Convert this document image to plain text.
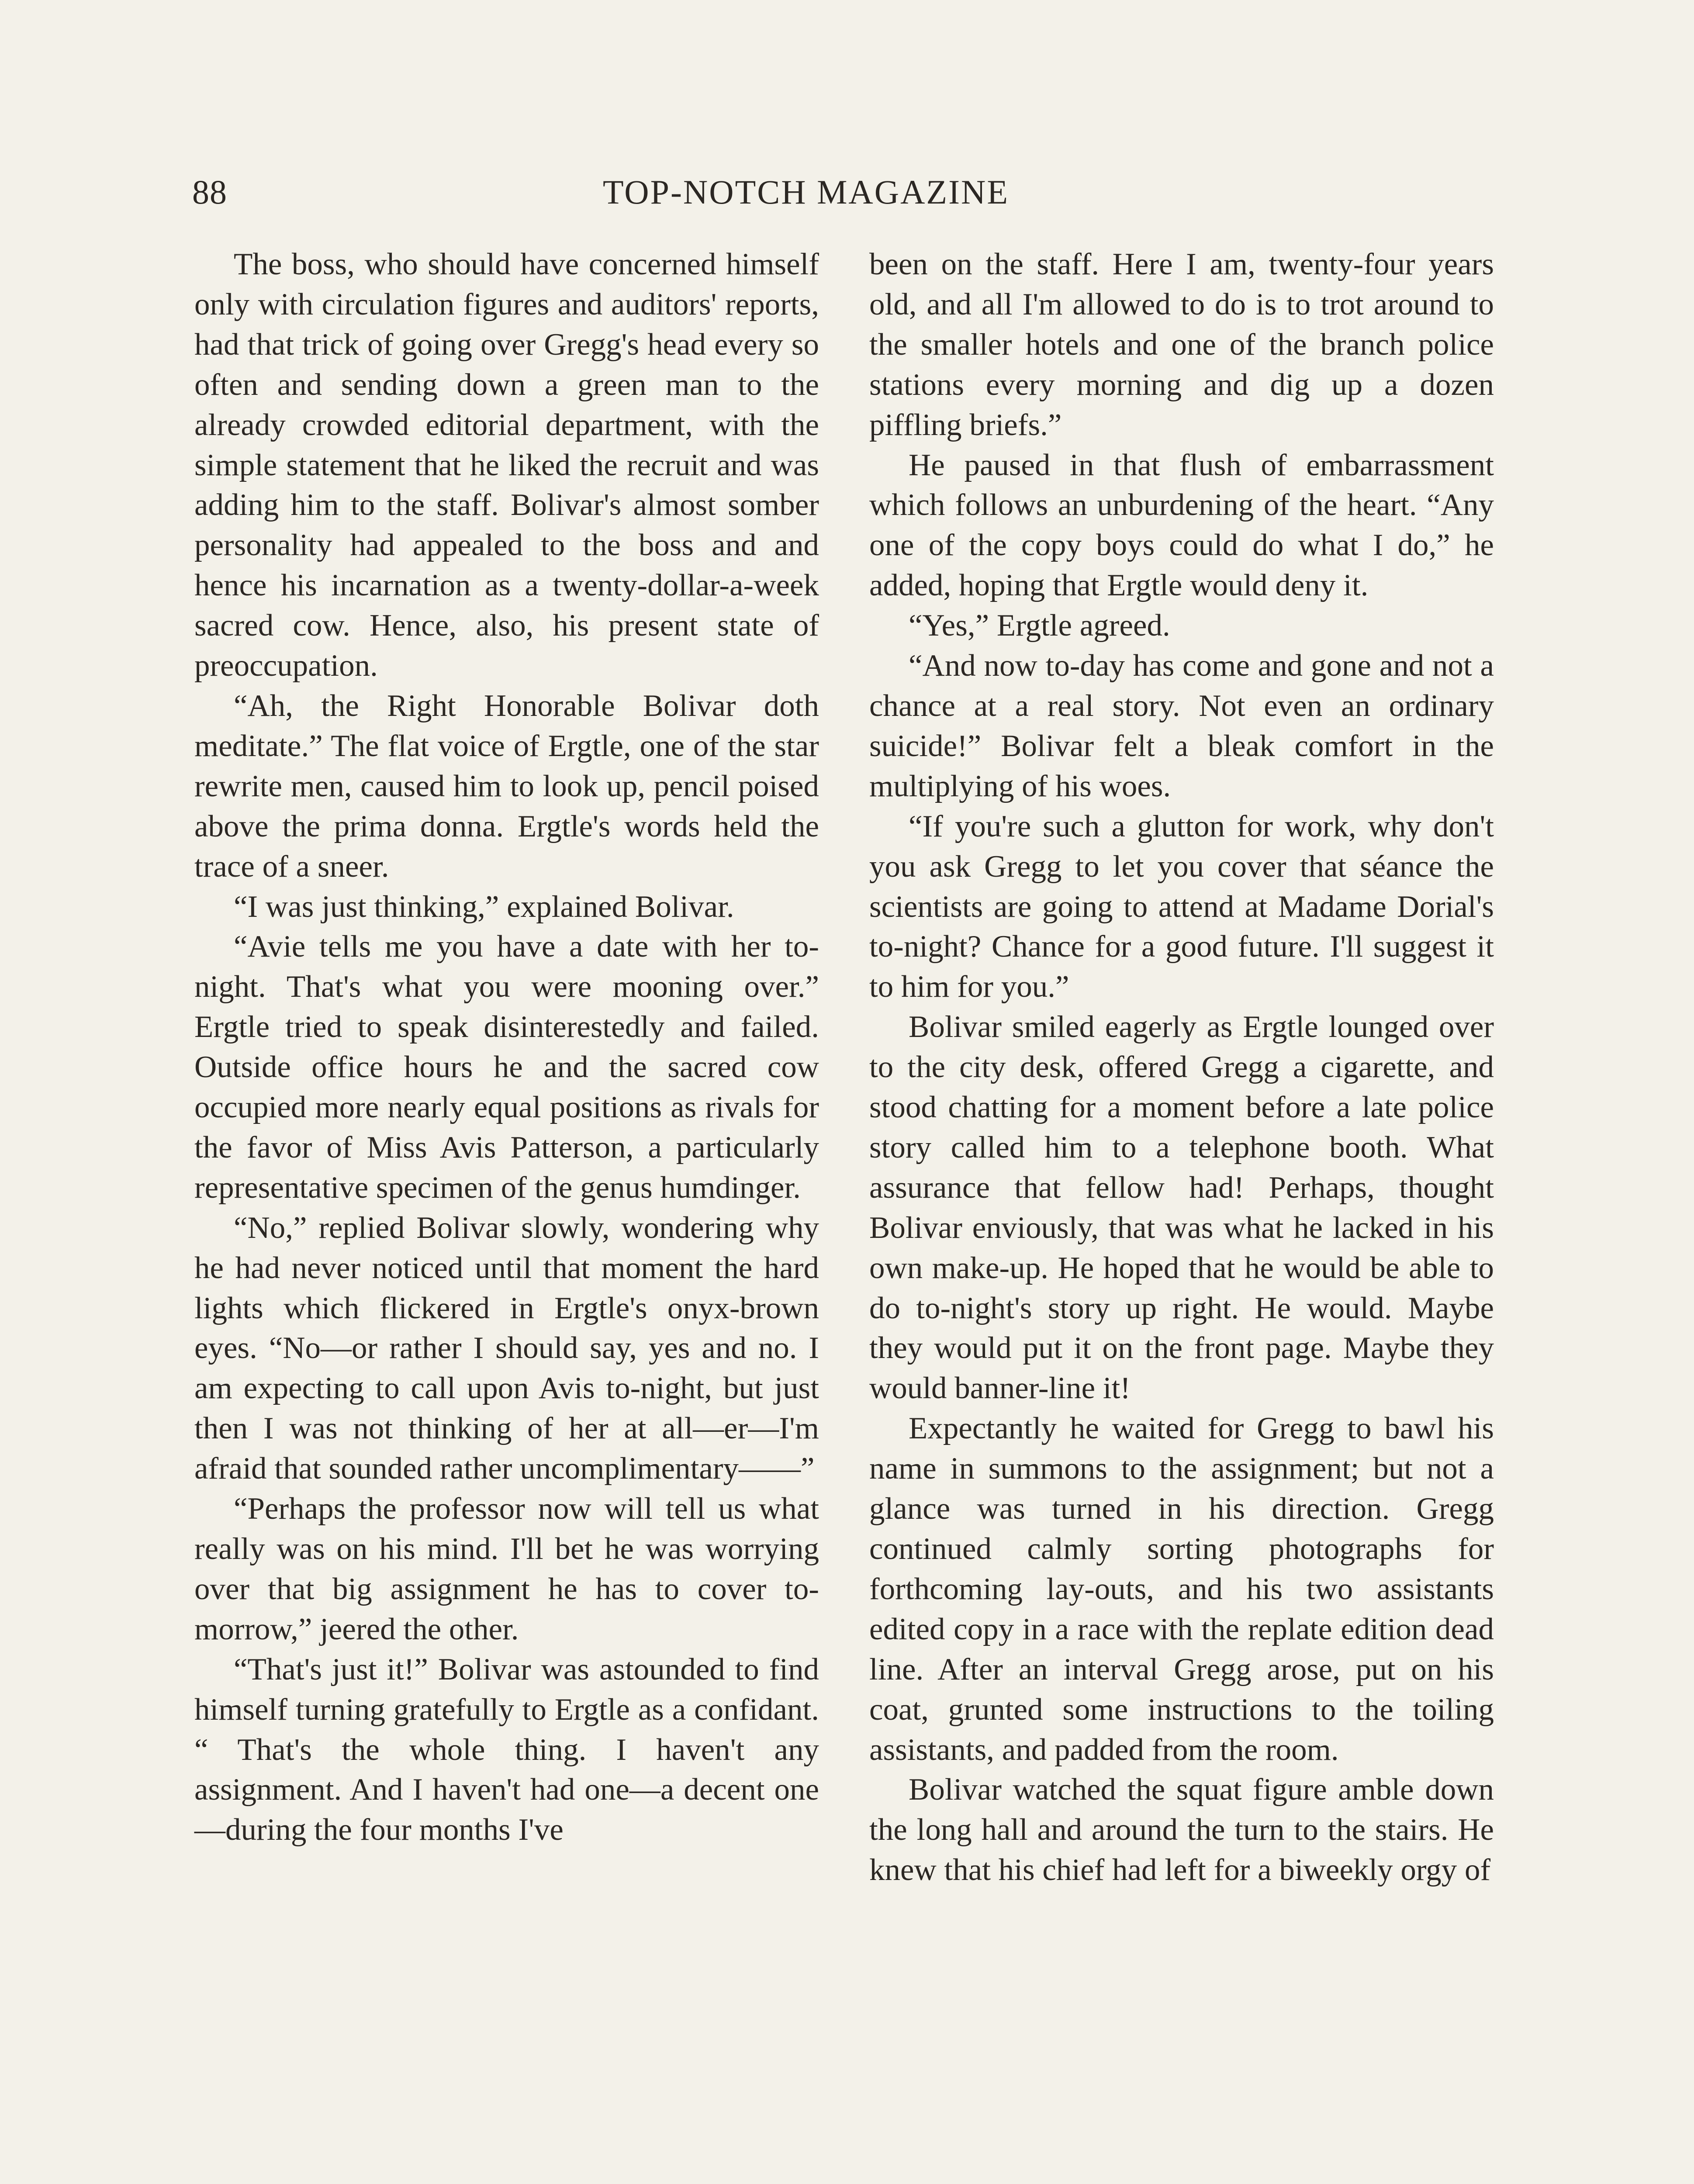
88	TOP-NOTCH MAGAZINE

The boss, who should have concerned himself only with circulation figures and auditors' reports, had that trick of going over Gregg's head every so often and sending down a green man to the already crowded editorial department, with the simple statement that he liked the recruit and was adding him to the staff. Bolivar's almost somber personality had appealed to the boss and and hence his incarnation as a twenty-dollar-a-week sacred cow. Hence, also, his present state of preoccupation.

“Ah, the Right Honorable Bolivar doth meditate.” The flat voice of Ergtle, one of the star rewrite men, caused him to look up, pencil poised above the prima donna. Ergtle's words held the trace of a sneer.

“I was just thinking,” explained Bolivar.

“Avie tells me you have a date with her to-night. That's what you were mooning over.” Ergtle tried to speak disinterestedly and failed. Outside office hours he and the sacred cow occupied more nearly equal positions as rivals for the favor of Miss Avis Patterson, a particularly representative specimen of the genus humdinger.

“No,” replied Bolivar slowly, wondering why he had never noticed until that moment the hard lights which flickered in Ergtle's onyx-brown eyes. “No—or rather I should say, yes and no. I am expecting to call upon Avis to-night, but just then I was not thinking of her at all—er—I'm afraid that sounded rather uncomplimentary——”

“Perhaps the professor now will tell us what really was on his mind. I'll bet he was worrying over that big assignment he has to cover to-morrow,” jeered the other.

“That's just it!” Bolivar was astounded to find himself turning gratefully to Ergtle as a confidant. “ That's the whole thing. I haven't any assignment. And I haven't had one—a decent one—during the four months I've

been on the staff. Here I am, twenty-four years old, and all I'm allowed to do is to trot around to the smaller hotels and one of the branch police stations every morning and dig up a dozen piffling briefs.”

He paused in that flush of embarrassment which follows an unburdening of the heart. “Any one of the copy boys could do what I do,” he added, hoping that Ergtle would deny it.

“Yes,” Ergtle agreed.

“And now to-day has come and gone and not a chance at a real story. Not even an ordinary suicide!” Bolivar felt a bleak comfort in the multiplying of his woes.

“If you're such a glutton for work, why don't you ask Gregg to let you cover that séance the scientists are going to attend at Madame Dorial's to-night? Chance for a good future. I'll suggest it to him for you.”

Bolivar smiled eagerly as Ergtle lounged over to the city desk, offered Gregg a cigarette, and stood chatting for a moment before a late police story called him to a telephone booth. What assurance that fellow had! Perhaps, thought Bolivar enviously, that was what he lacked in his own make-up. He hoped that he would be able to do to-night's story up right. He would. Maybe they would put it on the front page. Maybe they would banner-line it!

Expectantly he waited for Gregg to bawl his name in summons to the assignment; but not a glance was turned in his direction. Gregg continued calmly sorting photographs for forthcoming lay-outs, and his two assistants edited copy in a race with the replate edition dead line. After an interval Gregg arose, put on his coat, grunted some instructions to the toiling assistants, and padded from the room.

Bolivar watched the squat figure amble down the long hall and around the turn to the stairs. He knew that his chief had left for a biweekly orgy of
